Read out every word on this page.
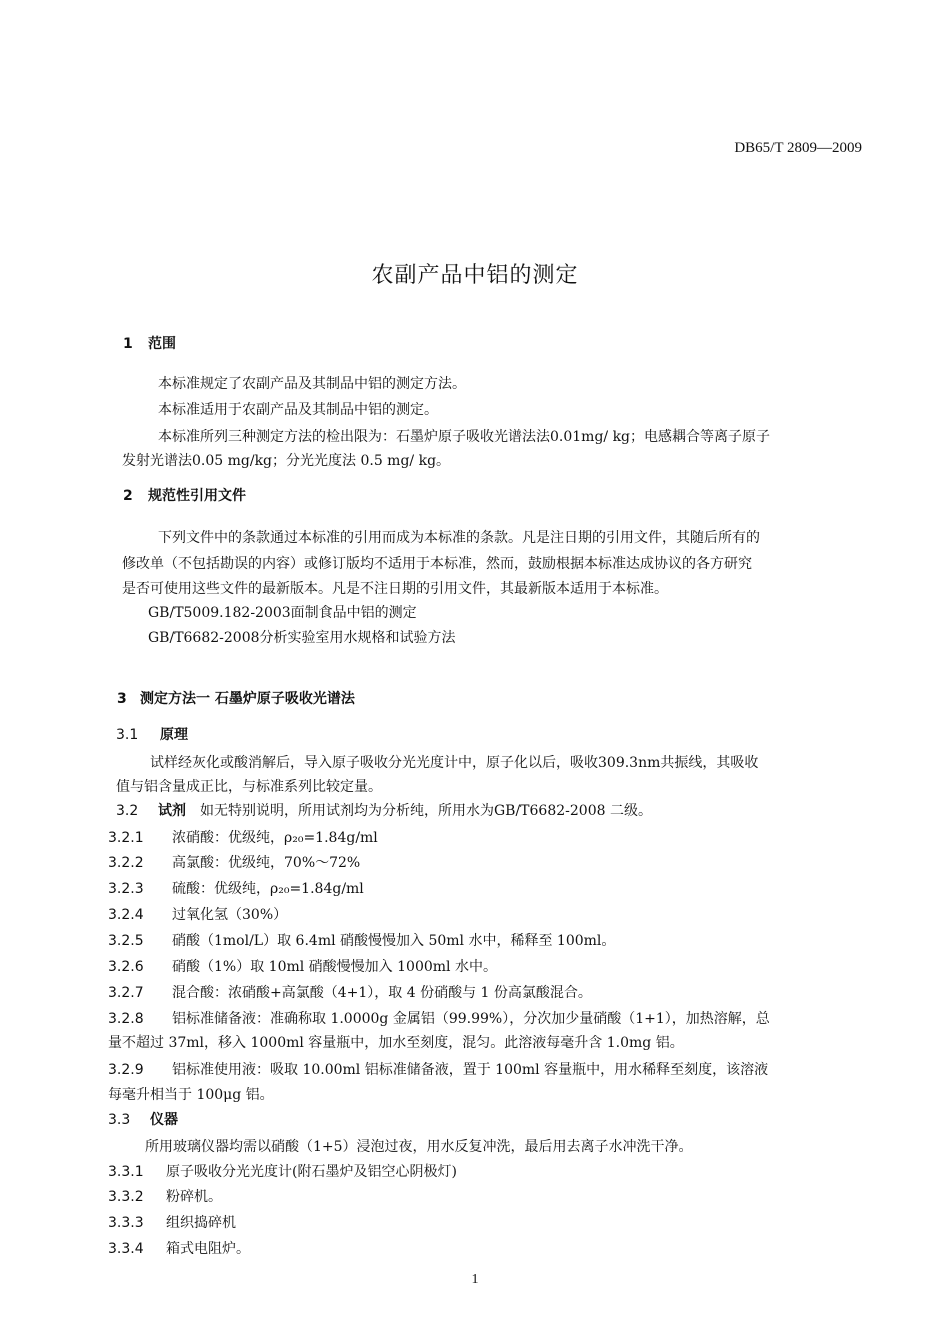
DB65/T 2809—2009
农副产品中铝的测定
1 范围
本标准规定了农副产品及其制品中铝的测定方法。
本标准适用于农副产品及其制品中铝的测定。
本标准所列三种测定方法的检出限为：石墨炉原子吸收光谱法法0.01mg/ kg；电感耦合等离子原子
发射光谱法0.05 mg/kg；分光光度法 0.5 mg/ kg。
2 规范性引用文件
下列文件中的条款通过本标准的引用而成为本标准的条款。凡是注日期的引用文件，其随后所有的
修改单（不包括勘误的内容）或修订版均不适用于本标准，然而，鼓励根据本标准达成协议的各方研究
是否可使用这些文件的最新版本。凡是不注日期的引用文件，其最新版本适用于本标准。
GB/T5009.182-2003面制食品中铝的测定
GB/T6682-2008分析实验室用水规格和试验方法
3 测定方法一 石墨炉原子吸收光谱法
3.1 原理
试样经灰化或酸消解后，导入原子吸收分光光度计中，原子化以后，吸收309.3nm共振线，其吸收
值与铝含量成正比，与标准系列比较定量。
3.2 试剂 如无特别说明，所用试剂均为分析纯，所用水为GB/T6682-2008 二级。
3.2.1 浓硝酸：优级纯，ρ₂₀=1.84g/ml
3.2.2 高氯酸：优级纯，70%～72%
3.2.3 硫酸：优级纯，ρ₂₀=1.84g/ml
3.2.4 过氧化氢（30%）
3.2.5 硝酸（1mol/L）取 6.4ml 硝酸慢慢加入 50ml 水中，稀释至 100ml。
3.2.6 硝酸（1%）取 10ml 硝酸慢慢加入 1000ml 水中。
3.2.7 混合酸：浓硝酸+高氯酸（4+1），取 4 份硝酸与 1 份高氯酸混合。
3.2.8 铝标准储备液：准确称取 1.0000g 金属铝（99.99%），分次加少量硝酸（1+1），加热溶解，总
量不超过 37ml，移入 1000ml 容量瓶中，加水至刻度，混匀。此溶液每毫升含 1.0mg 铝。
3.2.9 铝标准使用液：吸取 10.00ml 铝标准储备液，置于 100ml 容量瓶中，用水稀释至刻度，该溶液
每毫升相当于 100μg 铝。
3.3 仪器
所用玻璃仪器均需以硝酸（1+5）浸泡过夜，用水反复冲洗，最后用去离子水冲洗干净。
3.3.1 原子吸收分光光度计(附石墨炉及铝空心阴极灯)
3.3.2 粉碎机。
3.3.3 组织捣碎机
3.3.4 箱式电阻炉。
1
